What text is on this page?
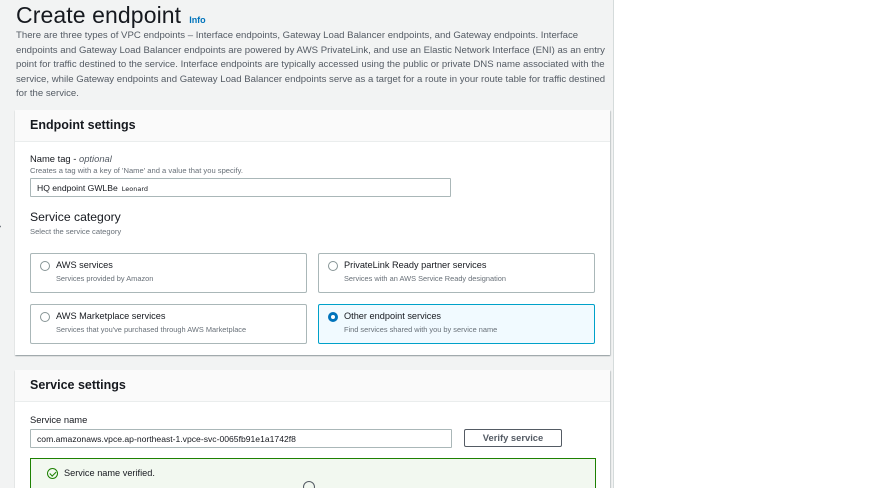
Create endpoint Info

There are three types of VPC endpoints – Interface endpoints, Gateway Load Balancer endpoints, and Gateway endpoints. Interface endpoints and Gateway Load Balancer endpoints are powered by AWS PrivateLink, and use an Elastic Network Interface (ENI) as an entry point for traffic destined to the service. Interface endpoints are typically accessed using the public or private DNS name associated with the service, while Gateway endpoints and Gateway Load Balancer endpoints serve as a target for a route in your route table for traffic destined for the service.

Endpoint settings
Name tag - optional
Creates a tag with a key of 'Name' and a value that you specify.
HQ endpoint GWLBe Leonard
Service category
Select the service category
AWS services
Services provided by Amazon
PrivateLink Ready partner services
Services with an AWS Service Ready designation
AWS Marketplace services
Services that you've purchased through AWS Marketplace
Other endpoint services
Find services shared with you by service name
Service settings
Service name
com.amazonaws.vpce.ap-northeast-1.vpce-svc-0065fb91e1a1742f8	Verify service
Service name verified.
